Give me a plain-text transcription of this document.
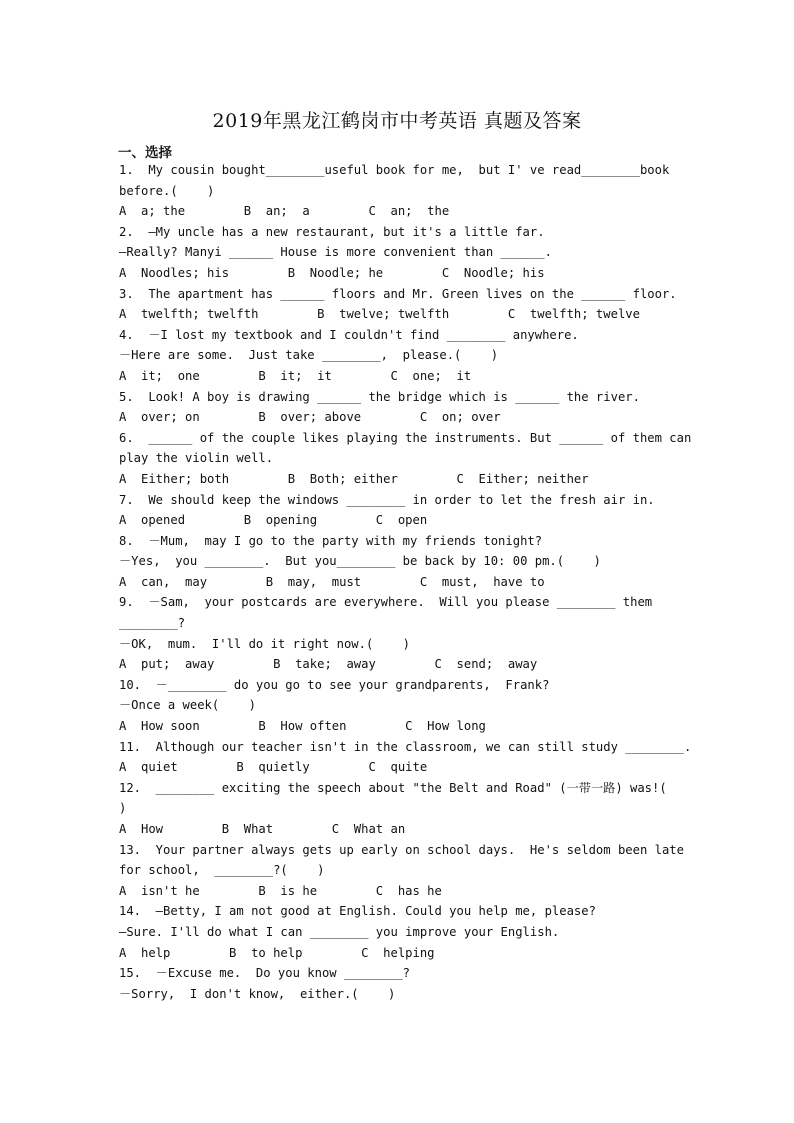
2019年黑龙江鹤岗市中考英语 真题及答案
一、选择
1.  My cousin bought________useful book for me,  but I' ve read________book
before.(    )
A  a; the        B  an;  a        C  an;  the
2.  —My uncle has a new restaurant, but it's a little far.
—Really? Manyi ______ House is more convenient than ______.
A  Noodles; his        B  Noodle; he        C  Noodle; his
3.  The apartment has ______ floors and Mr. Green lives on the ______ floor.
A  twelfth; twelfth        B  twelve; twelfth        C  twelfth; twelve
4.  －I lost my textbook and I couldn't find ________ anywhere.
－Here are some.  Just take ________,  please.(    )
A  it;  one        B  it;  it        C  one;  it
5.  Look! A boy is drawing ______ the bridge which is ______ the river.
A  over; on        B  over; above        C  on; over
6.  ______ of the couple likes playing the instruments. But ______ of them can
play the violin well.
A  Either; both        B  Both; either        C  Either; neither
7.  We should keep the windows ________ in order to let the fresh air in.
A  opened        B  opening        C  open
8.  －Mum,  may I go to the party with my friends tonight?
－Yes,  you ________.  But you________ be back by 10: 00 pm.(    )
A  can,  may        B  may,  must        C  must,  have to
9.  －Sam,  your postcards are everywhere.  Will you please ________ them
________?
－OK,  mum.  I'll do it right now.(    )
A  put;  away        B  take;  away        C  send;  away
10.  －________ do you go to see your grandparents,  Frank?
－Once a week(    )
A  How soon        B  How often        C  How long
11.  Although our teacher isn't in the classroom, we can still study ________.
A  quiet        B  quietly        C  quite
12.  ________ exciting the speech about "the Belt and Road" (一带一路) was!(
)
A  How        B  What        C  What an
13.  Your partner always gets up early on school days.  He's seldom been late
for school,  ________?(    )
A  isn't he        B  is he        C  has he
14.  —Betty, I am not good at English. Could you help me, please?
—Sure. I'll do what I can ________ you improve your English.
A  help        B  to help        C  helping
15.  －Excuse me.  Do you know ________?
－Sorry,  I don't know,  either.(    )
